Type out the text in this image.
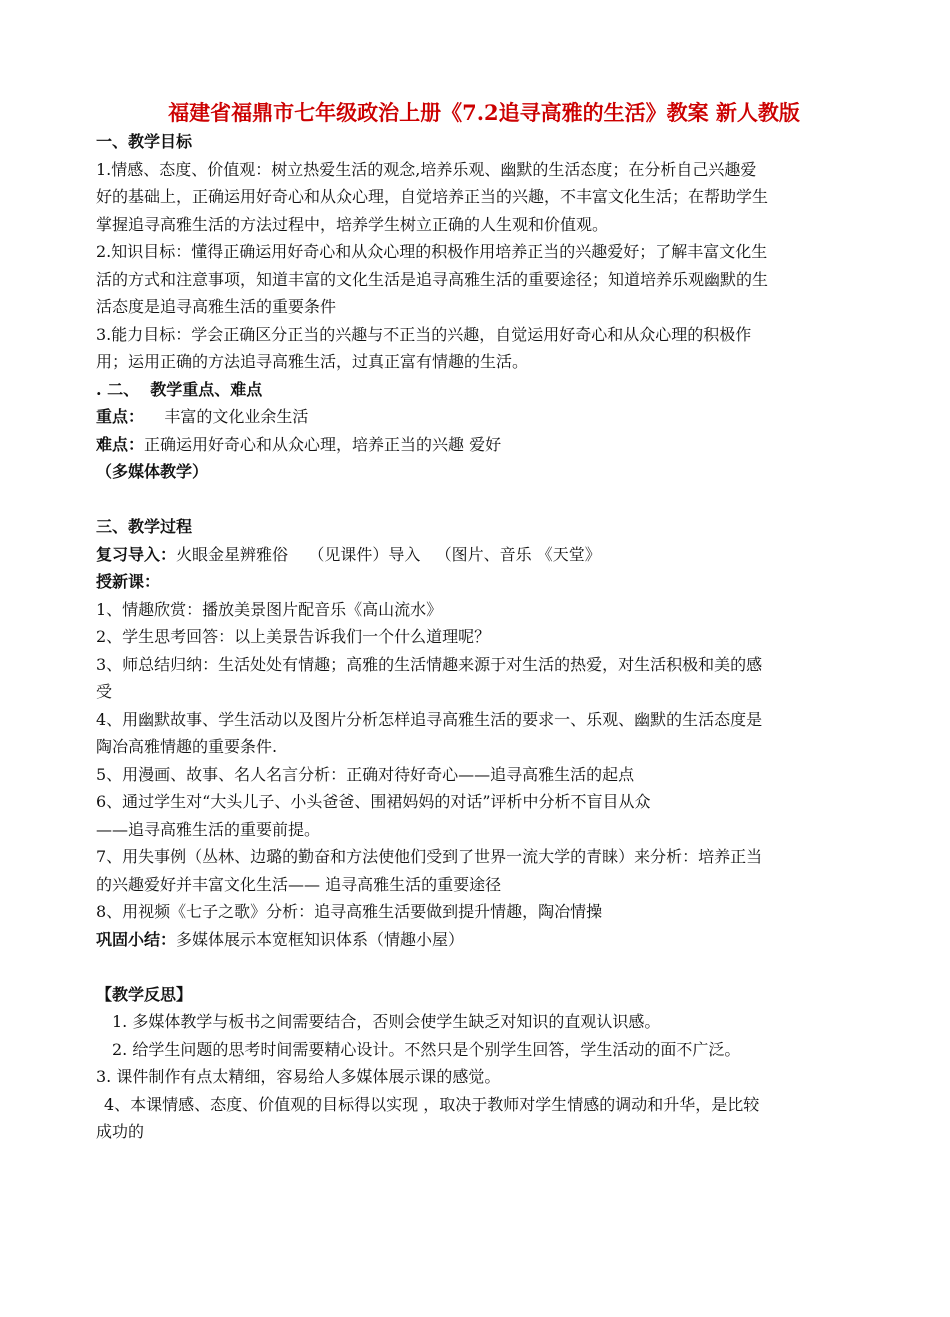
福建省福鼎市七年级政治上册《7.2追寻高雅的生活》教案 新人教版

一、教学目标

1.情感、态度、价值观：树立热爱生活的观念,培养乐观、幽默的生活态度；在分析自己兴趣爱

好的基础上，正确运用好奇心和从众心理，自觉培养正当的兴趣，不丰富文化生活；在帮助学生

掌握追寻高雅生活的方法过程中，培养学生树立正确的人生观和价值观。

2.知识目标：懂得正确运用好奇心和从众心理的积极作用培养正当的兴趣爱好；了解丰富文化生

活的方式和注意事项，知道丰富的文化生活是追寻高雅生活的重要途径；知道培养乐观幽默的生

活态度是追寻高雅生活的重要条件

3.能力目标：学会正确区分正当的兴趣与不正当的兴趣，自觉运用好奇心和从众心理的积极作

用；运用正确的方法追寻高雅生活，过真正富有情趣的生活。

. 二、  教学重点、难点

重点：    丰富的文化业余生活

难点：正确运用好奇心和从众心理，培养正当的兴趣 爱好

（多媒体教学）

三、教学过程

复习导入：火眼金星辨雅俗    （见课件）导入   （图片、音乐 《天堂》

授新课：

1、情趣欣赏：播放美景图片配音乐《高山流水》

2、学生思考回答：以上美景告诉我们一个什么道理呢？

3、师总结归纳：生活处处有情趣；高雅的生活情趣来源于对生活的热爱，对生活积极和美的感

受

4、用幽默故事、学生活动以及图片分析怎样追寻高雅生活的要求一、乐观、幽默的生活态度是

陶冶高雅情趣的重要条件.

5、用漫画、故事、名人名言分析：正确对待好奇心——追寻高雅生活的起点

6、通过学生对“大头儿子、小头爸爸、围裙妈妈的对话”评析中分析不盲目从众

——追寻高雅生活的重要前提。

7、用失事例（丛林、边璐的勤奋和方法使他们受到了世界一流大学的青睐）来分析：培养正当

的兴趣爱好并丰富文化生活—— 追寻高雅生活的重要途径

8、用视频《七子之歌》分析：追寻高雅生活要做到提升情趣，陶冶情操

巩固小结：多媒体展示本宽框知识体系（情趣小屋）

【教学反思】

1. 多媒体教学与板书之间需要结合，否则会使学生缺乏对知识的直观认识感。

2. 给学生问题的思考时间需要精心设计。不然只是个别学生回答，学生活动的面不广泛。

3. 课件制作有点太精细，容易给人多媒体展示课的感觉。

4、本课情感、态度、价值观的目标得以实现 ，取决于教师对学生情感的调动和升华，是比较

成功的
